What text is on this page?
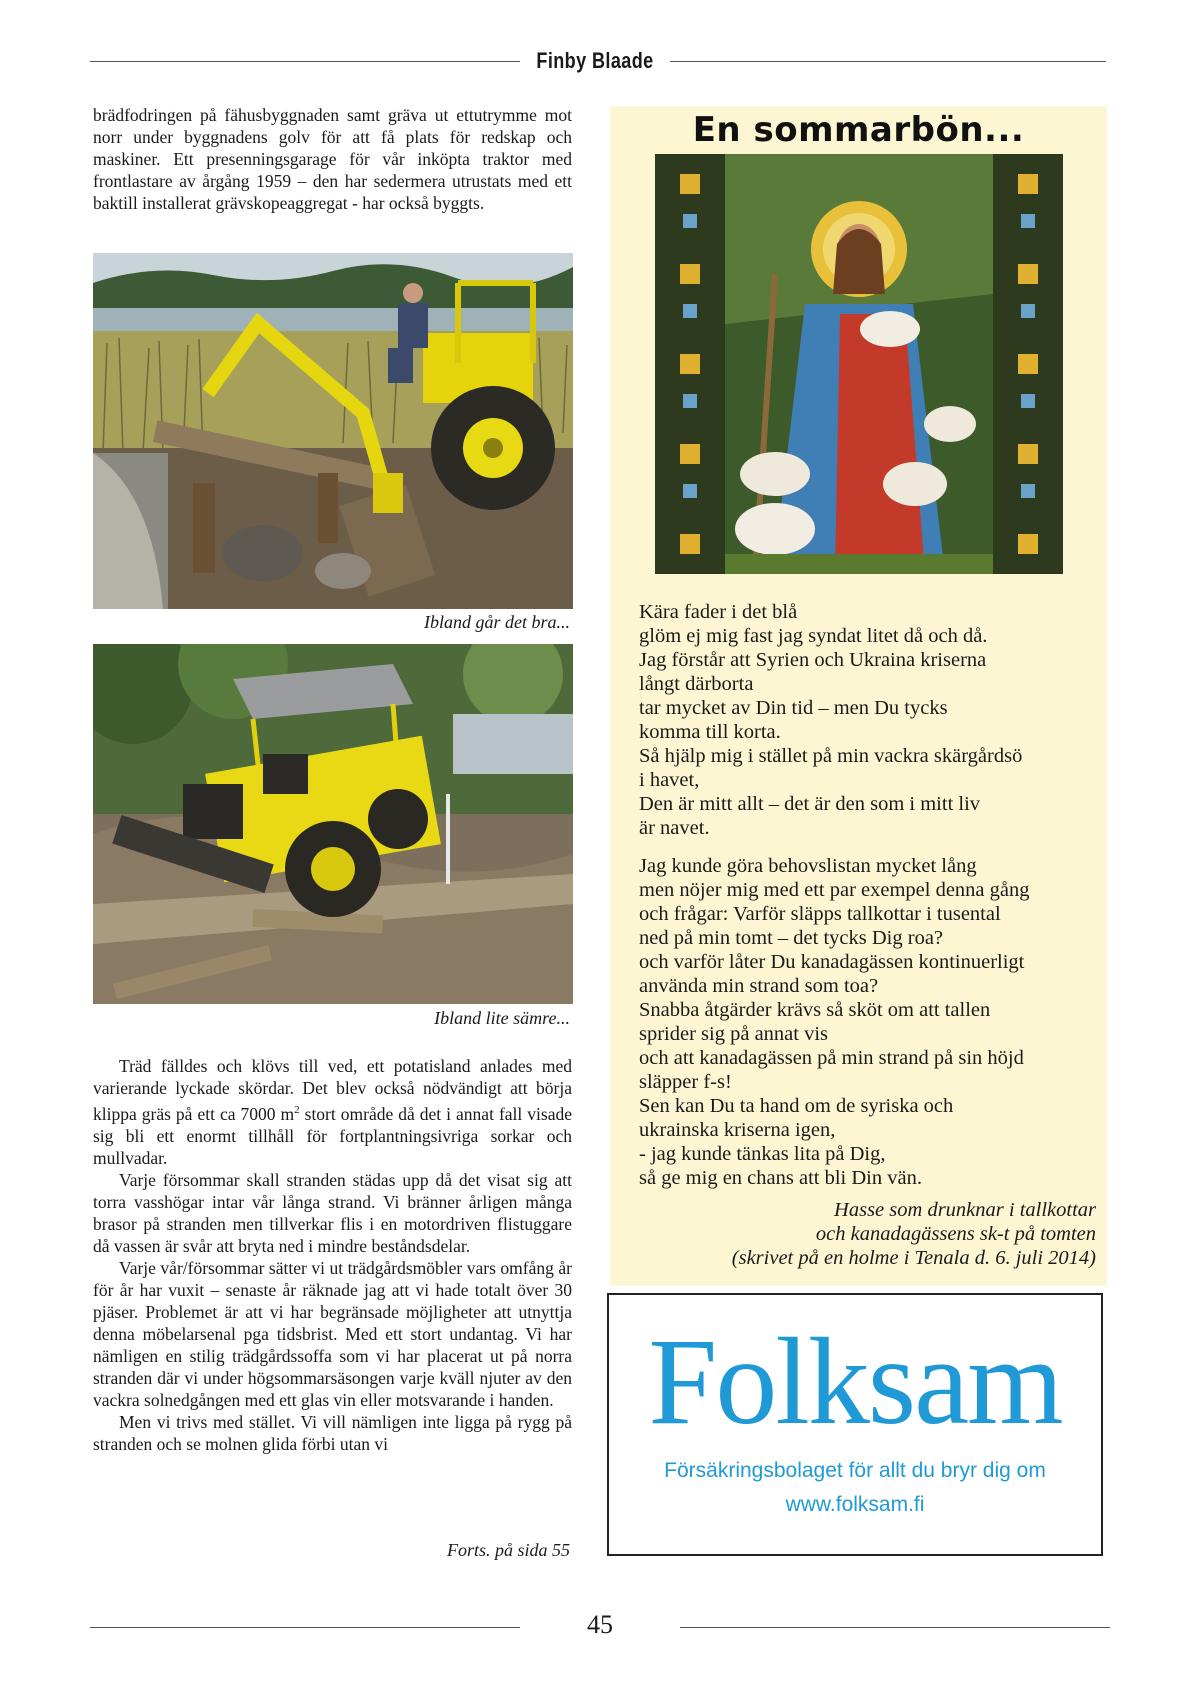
Finby Blaade

brädfodringen på fähusbyggnaden samt gräva ut ettutrymme mot norr under byggnadens golv för att få plats för redskap och maskiner. Ett presenningsgarage för vår inköpta traktor med frontlastare av årgång 1959 – den har sedermera utrustats med ett baktill installerat grävskopeaggregat - har också byggts.

Ibland går det bra...
Ibland lite sämre...

Träd fälldes och klövs till ved, ett potatisland anlades med varierande lyckade skördar. Det blev också nödvändigt att börja klippa gräs på ett ca 7000 $m^2$ stort område då det i annat fall visade sig bli ett enormt tillhåll för fortplantningsivriga sorkar och mullvadar.

Varje försommar skall stranden städas upp då det visat sig att torra vasshögar intar vår långa strand. Vi bränner årligen många brasor på stranden men tillverkar flis i en motordriven flistuggare då vassen är svår att bryta ned i mindre beståndsdelar.

Varje vår/försommar sätter vi ut trädgårdsmöbler vars omfång år för år har vuxit – senaste år räknade jag att vi hade totalt över 30 pjäser. Problemet är att vi har begränsade möjligheter att utnyttja denna möbelarsenal pga tidsbrist. Med ett stort undantag. Vi har nämligen en stilig trädgårdssoffa som vi har placerat ut på norra stranden där vi under högsommarsäsongen varje kväll njuter av den vackra solnedgången med ett glas vin eller motsvarande i handen.

Men vi trivs med stället. Vi vill nämligen inte ligga på rygg på stranden och se molnen glida förbi utan vi

Forts. på sida 55
En sommarbön...
Kära fader i det blå
glöm ej mig fast jag syndat litet då och då.
Jag förstår att Syrien och Ukraina kriserna
långt därborta
tar mycket av Din tid – men Du tycks
komma till korta.
Så hjälp mig i stället på min vackra skärgårdsö
i havet,
Den är mitt allt – det är den som i mitt liv
är navet.
Jag kunde göra behovslistan mycket lång
men nöjer mig med ett par exempel denna gång
och frågar: Varför släpps tallkottar i tusental
ned på min tomt – det tycks Dig roa?
och varför låter Du kanadagässen kontinuerligt
använda min strand som toa?
Snabba åtgärder krävs så sköt om att tallen
sprider sig på annat vis
och att kanadagässen på min strand på sin höjd
släpper f-s!
Sen kan Du ta hand om de syriska och
ukrainska kriserna igen,
- jag kunde tänkas lita på Dig,
så ge mig en chans att bli Din vän.
Hasse som drunknar i tallkottar
och kanadagässens sk-t på tomten
(skrivet på en holme i Tenala d. 6. juli 2014)
Folksam
Försäkringsbolaget för allt du bryr dig om
www.folksam.fi
45
